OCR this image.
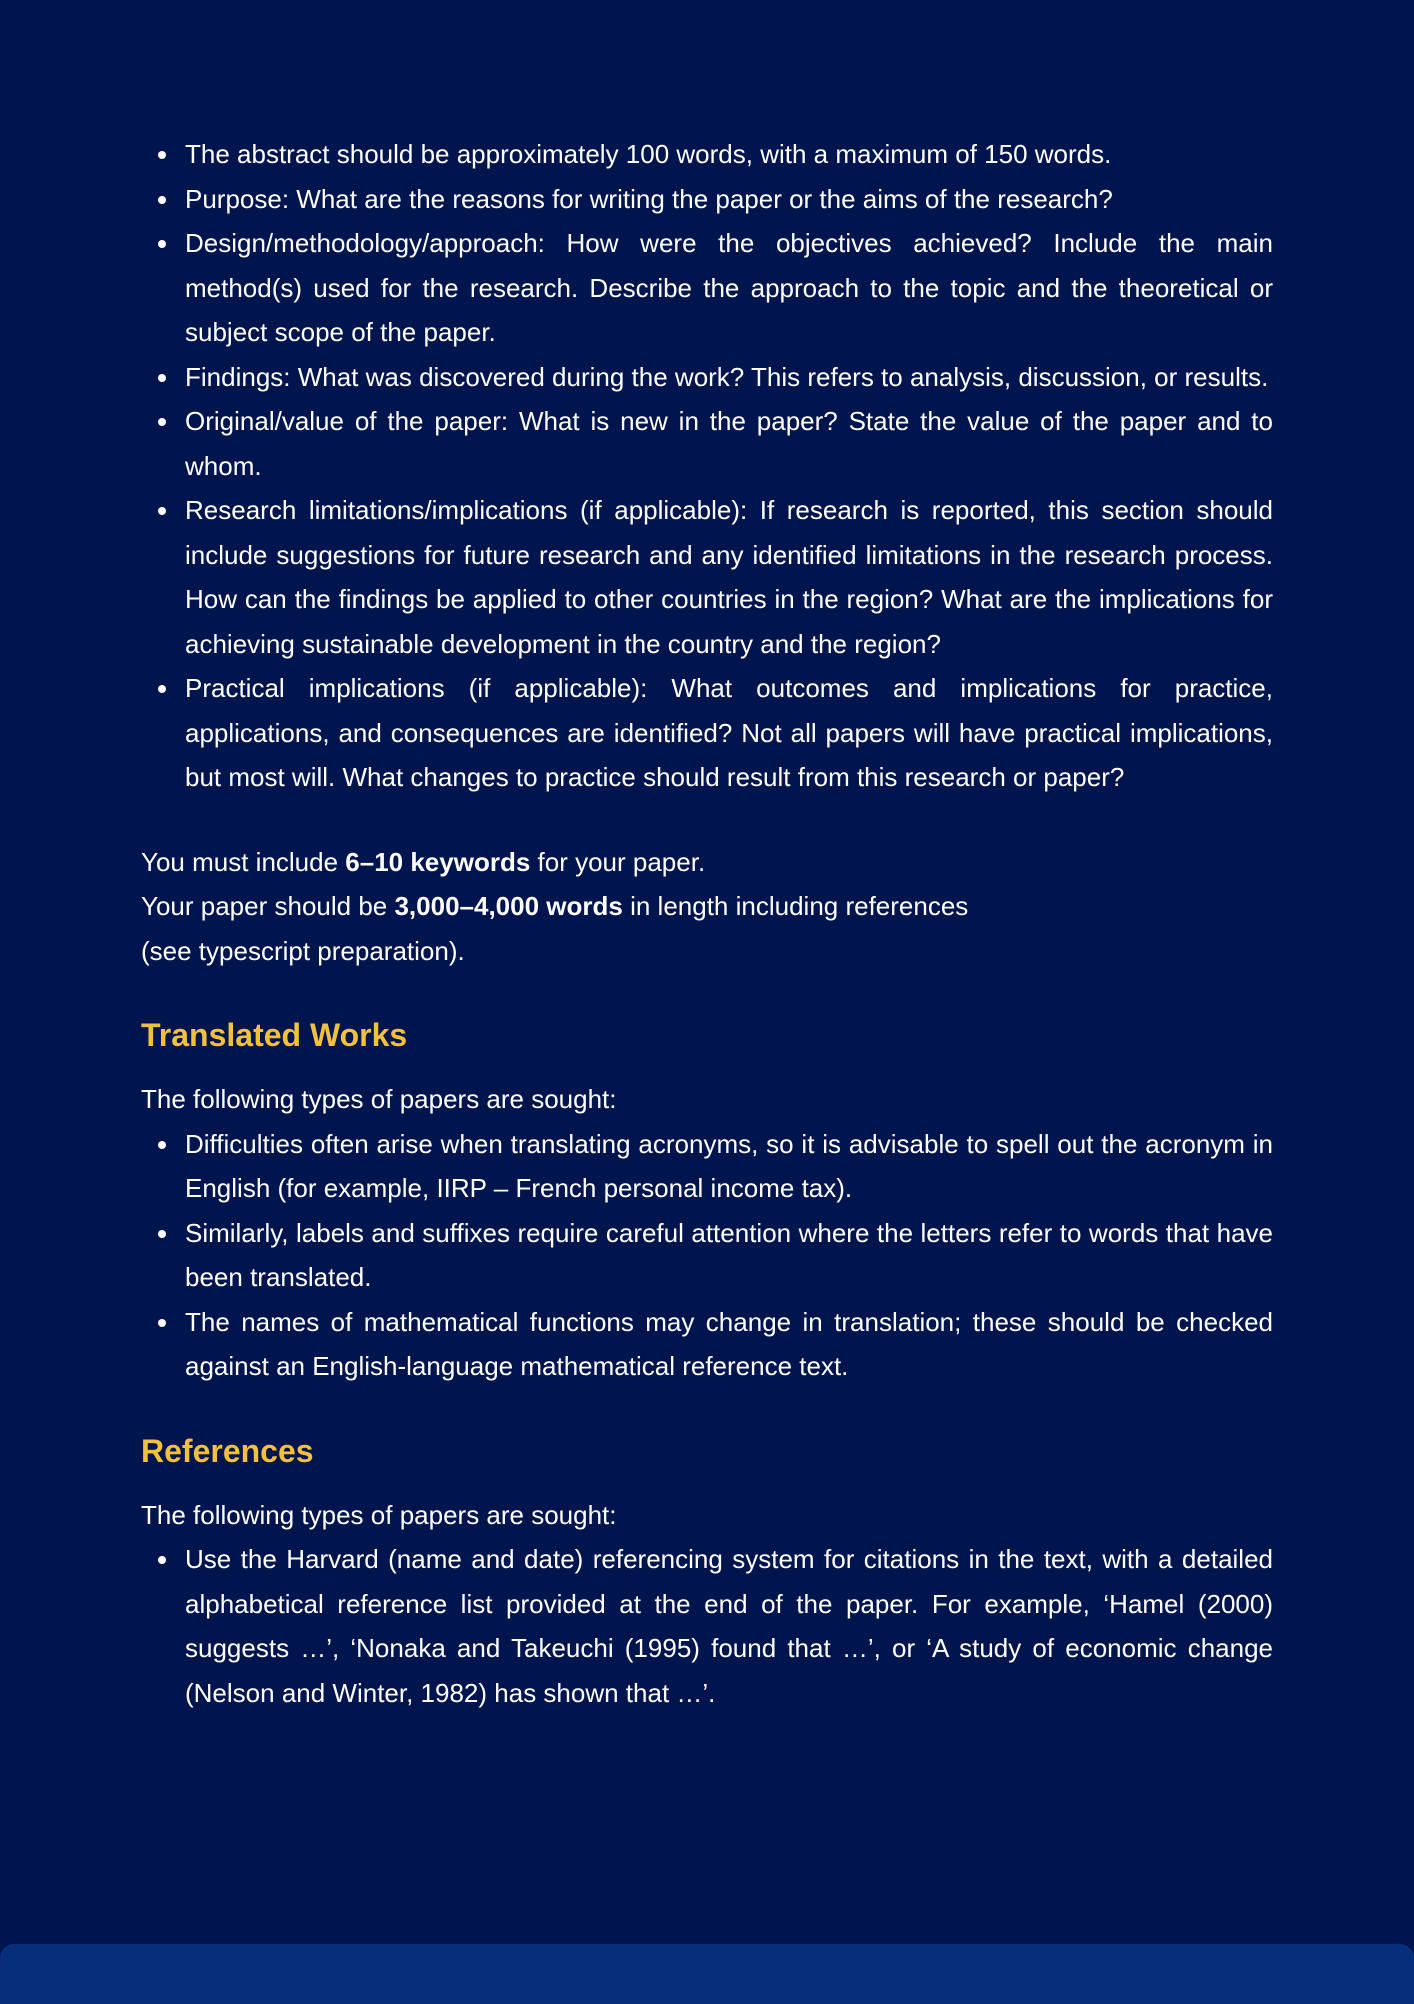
The abstract should be approximately 100 words, with a maximum of 150 words.
Purpose: What are the reasons for writing the paper or the aims of the research?
Design/methodology/approach: How were the objectives achieved? Include the main method(s) used for the research. Describe the approach to the topic and the theoretical or subject scope of the paper.
Findings: What was discovered during the work? This refers to analysis, discussion, or results.
Original/value of the paper: What is new in the paper? State the value of the paper and to whom.
Research limitations/implications (if applicable): If research is reported, this section should include suggestions for future research and any identified limitations in the research process. How can the findings be applied to other countries in the region? What are the implications for achieving sustainable development in the country and the region?
Practical implications (if applicable): What outcomes and implications for practice, applications, and consequences are identified? Not all papers will have practical implications, but most will. What changes to practice should result from this research or paper?

You must include 6–10 keywords for your paper.

Your paper should be 3,000–4,000 words in length including references
(see typescript preparation).

Translated Works

The following types of papers are sought:

Difficulties often arise when translating acronyms, so it is advisable to spell out the acronym in English (for example, IIRP – French personal income tax).
Similarly, labels and suffixes require careful attention where the letters refer to words that have been translated.
The names of mathematical functions may change in translation; these should be checked against an English-language mathematical reference text.
References

The following types of papers are sought:

Use the Harvard (name and date) referencing system for citations in the text, with a detailed alphabetical reference list provided at the end of the paper. For example, ‘Hamel (2000) suggests …’, ‘Nonaka and Takeuchi (1995) found that …’, or ‘A study of economic change (Nelson and Winter, 1982) has shown that …’.
